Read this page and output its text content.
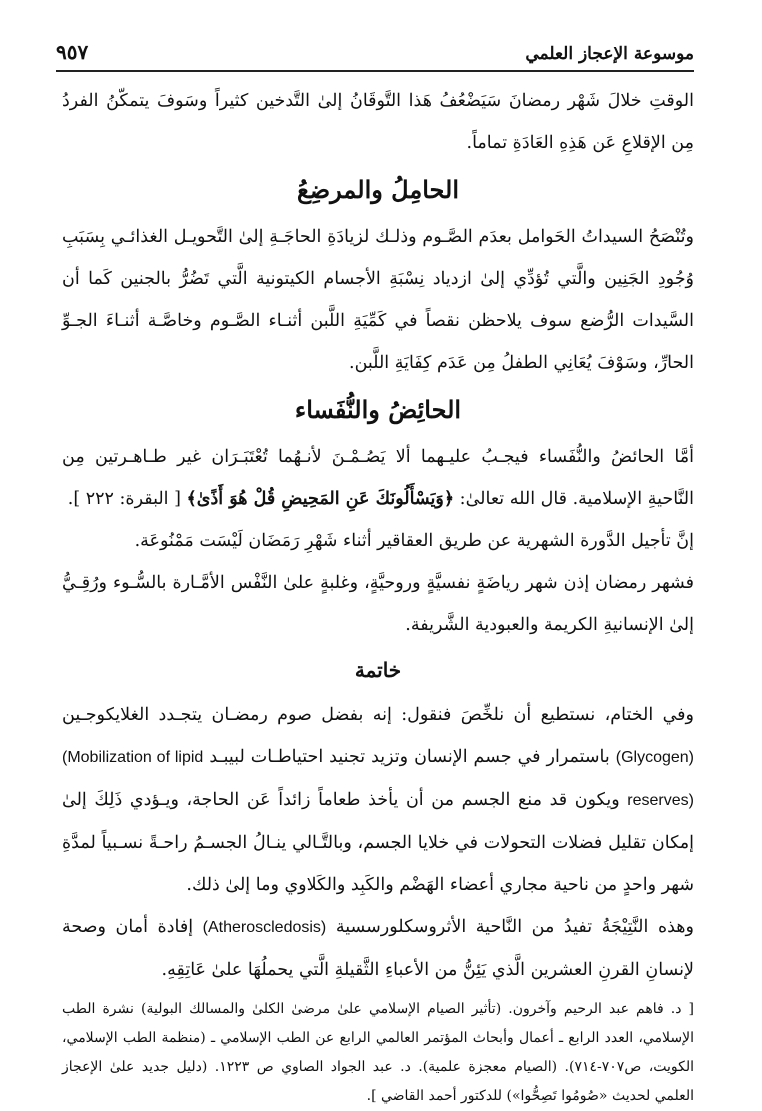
موسوعة الإعجاز العلمي
٩٥٧

الوقتِ خلالَ شَهْر رمضانَ سَيَضْعُفُ هَذا التَّوقَانُ إلىٰ التَّدخين كثيراً وسَوفَ يتمكّنُ الفردُ مِن الإقلاعِ عَن هَذِهِ العَادَةِ تماماً.

الحامِلُ والمرضِعُ

وتُنْصَحُ السيداتُ الحَوامل بعدَم الصَّـوم وذلـك لزيادَةِ الحاجَـةِ إلىٰ التَّحويـل الغذائـي بِسَبَبِ وُجُودِ الجَنِين والَّتي تُؤدِّي إلىٰ ازدياد نِسْبَةِ الأجسام الكيتونية الَّتي تَضُرُّ بالجنين كَما أن السَّيدات الرُّضع سوف يلاحظن نقصاً في كَمِّيَةِ اللَّبن أثنـاء الصَّـوم وخاصَّـة أثنـاءَ الجـوِّ الحارِّ، وسَوْفَ يُعَانِي الطفلُ مِن عَدَم كِفَايَةِ اللَّبن.

الحائِضُ والنُّفَساء

أمَّا الحائضُ والنُّفَساء فيجـبُ عليـهما ألا يَصُـمْـنَ لأنـهُما تُعْتَبَـرَان غير طـاهـرتين مِن النَّاحيةِ الإسلامية. قال الله تعالىٰ: ﴿وَيَسْأَلُونَكَ عَنِ المَحِيضِ قُلْ هُوَ أَذًىٰ﴾ [ البقرة: ٢٢٢ ].

إنَّ تأجيل الدَّورة الشهرية عن طريق العقاقير أثناء شَهْرِ رَمَضَان لَيْسَت مَمْنُوعَة.

فشهر رمضان إذن شهر رياضَةٍ نفسيَّةٍ وروحيَّةٍ، وغلبةٍ علىٰ النَّفْس الأمَّـارة بالسُّـوء ورُقِـيُّ إلىٰ الإنسانيةِ الكريمة والعبودية الشَّريفة.

خاتمة

وفي الختام، نستطيع أن نلخِّصَ فنقول: إنه بفضل صوم رمضـان يتجـدد الغلايكوجـين (Glycogen) باستمرار في جسم الإنسان وتزيد تجنيد احتياطـات لبيبـد (Mobilization of lipid reserves) ويكون قد منع الجسم من أن يأخذ طعاماً زائداً عَن الحاجة، ويـؤدي ذَلِكَ إلىٰ إمكان تقليل فضلات التحولات في خلايا الجسم، وبالتَّـالي ينـالُ الجسـمُ راحـةً نسـبياً لمدَّةِ شهر واحدٍ من ناحية مجاري أعضاء الهَضْم والكَبِد والكَلاوي وما إلىٰ ذلك.

وهذه النَّتِيْجَةُ تفيدُ من النَّاحية الأثروسكلورسسية (Atheroscledosis) إفادة أمان وصحة لإنسانِ القرنِ العشرين الَّذي يَئِنُّ من الأعباءِ الثَّقيلةِ الَّتي يحملُهَا علىٰ عَاتِقِهِ.

[ د. فاهم عبد الرحيم وآخرون. (تأثير الصيام الإسلامي علىٰ مرضىٰ الكلىٰ والمسالك البولية) نشرة الطب الإسلامي، العدد الرابع ـ أعمال وأبحاث المؤتمر العالمي الرابع عن الطب الإسلامي ـ (منظمة الطب الإسلامي، الكويت، ص٧٠٧-٧١٤). (الصيام معجزة علمية). د. عبد الجواد الصاوي ص ١٢٢٣. (دليل جديد علىٰ الإعجاز العلمي لحديث «صُومُوا تَصِحُّوا») للدكتور أحمد القاضي ].
